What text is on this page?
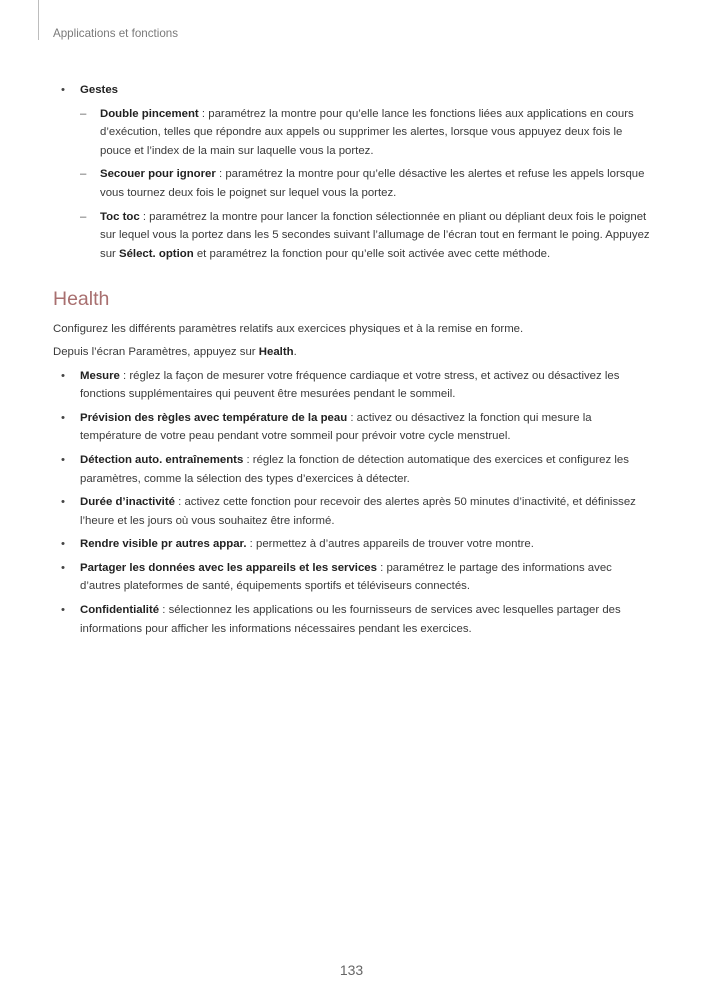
Applications et fonctions
• Gestes
– Double pincement : paramétrez la montre pour qu’elle lance les fonctions liées aux applications en cours d’exécution, telles que répondre aux appels ou supprimer les alertes, lorsque vous appuyez deux fois le pouce et l’index de la main sur laquelle vous la portez.
– Secouer pour ignorer : paramétrez la montre pour qu’elle désactive les alertes et refuse les appels lorsque vous tournez deux fois le poignet sur lequel vous la portez.
– Toc toc : paramétrez la montre pour lancer la fonction sélectionnée en pliant ou dépliant deux fois le poignet sur lequel vous la portez dans les 5 secondes suivant l’allumage de l’écran tout en fermant le poing. Appuyez sur Sélect. option et paramétrez la fonction pour qu’elle soit activée avec cette méthode.
Health

Configurez les différents paramètres relatifs aux exercices physiques et à la remise en forme.

Depuis l’écran Paramètres, appuyez sur Health.

• Mesure : réglez la façon de mesurer votre fréquence cardiaque et votre stress, et activez ou désactivez les fonctions supplémentaires qui peuvent être mesurées pendant le sommeil.
• Prévision des règles avec température de la peau : activez ou désactivez la fonction qui mesure la température de votre peau pendant votre sommeil pour prévoir votre cycle menstruel.
• Détection auto. entraînements : réglez la fonction de détection automatique des exercices et configurez les paramètres, comme la sélection des types d’exercices à détecter.
• Durée d’inactivité : activez cette fonction pour recevoir des alertes après 50 minutes d’inactivité, et définissez l’heure et les jours où vous souhaitez être informé.
• Rendre visible pr autres appar. : permettez à d’autres appareils de trouver votre montre.
• Partager les données avec les appareils et les services : paramétrez le partage des informations avec d’autres plateformes de santé, équipements sportifs et téléviseurs connectés.
• Confidentialité : sélectionnez les applications ou les fournisseurs de services avec lesquelles partager des informations pour afficher les informations nécessaires pendant les exercices.
133
